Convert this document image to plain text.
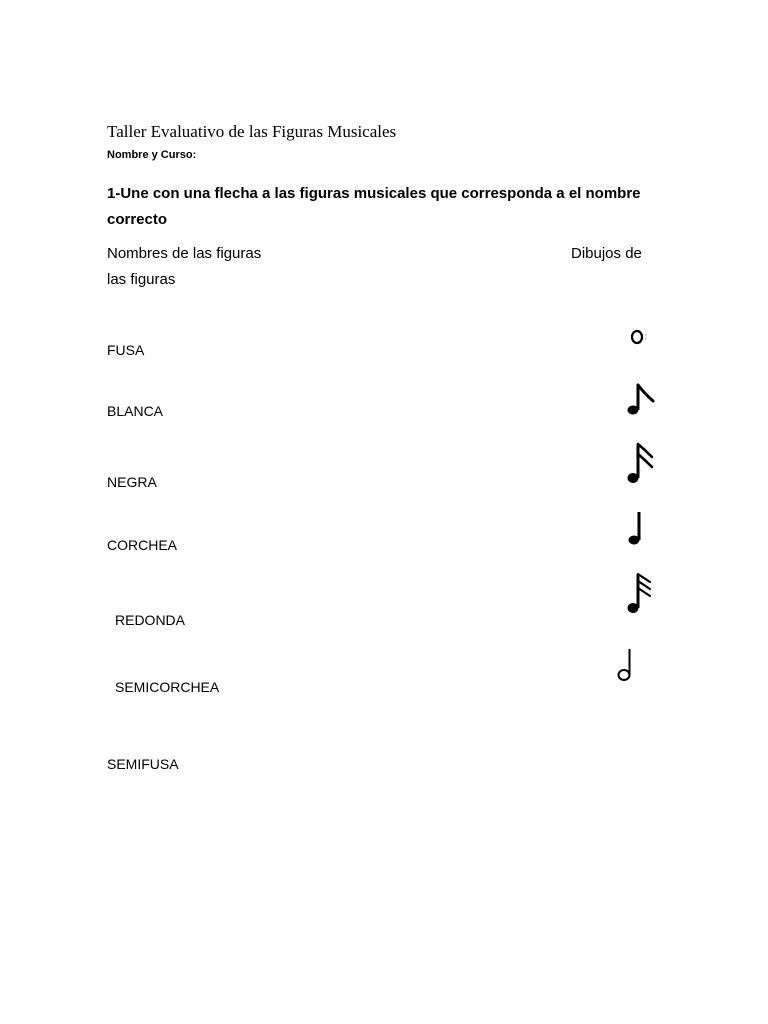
Taller Evaluativo de las Figuras Musicales
Nombre y Curso:
1-Une con una flecha a las figuras musicales que corresponda a el nombre correcto
Nombres de las figuras
las figuras
Dibujos de
FUSA
BLANCA
NEGRA
CORCHEA
REDONDA
SEMICORCHEA
SEMIFUSA
